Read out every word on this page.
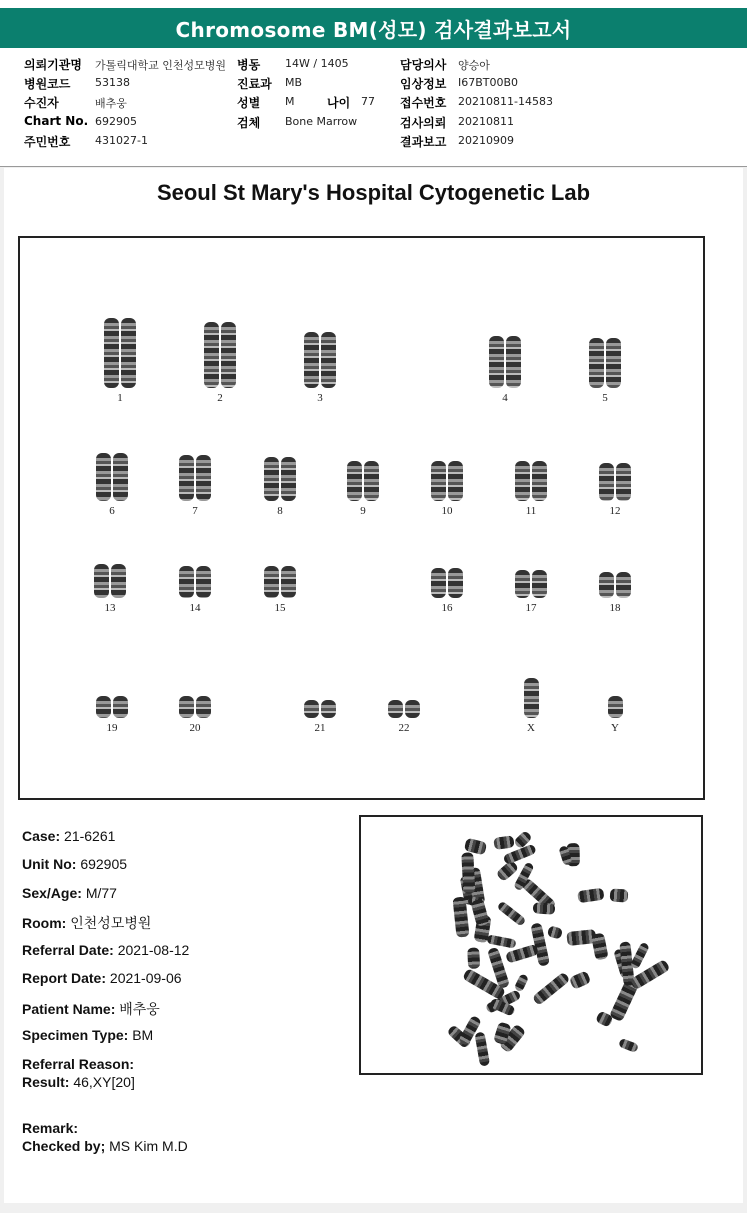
Chromosome BM(성모) 검사결과보고서
의뢰기관명 가톨릭대학교 인천성모병원
병원코드 53138
수진자	배추웅
Chart No. 692905
주민번호 431027-1
병동 14W / 1405
진료과 MB
성별 M	나이 77
검체 Bone Marrow
담당의사 양승아
임상정보 I67BT00B0
접수번호 20210811-14583
검사의뢰 20210811
결과보고 20210909
Seoul St Mary's Hospital Cytogenetic Lab
1	2	3	4	5
6	7	8	9	10	11	12
13	14	15	16	17	18
19	20	21	22	X	Y
Case: 21-6261
Unit No: 692905
Sex/Age: M/77
Room: 인천성모병원
Referral Date: 2021-08-12
Report Date: 2021-09-06
Patient Name: 배추웅
Specimen Type: BM
Referral Reason:
Result: 46,XY[20]
Remark:
Checked by; MS Kim M.D
